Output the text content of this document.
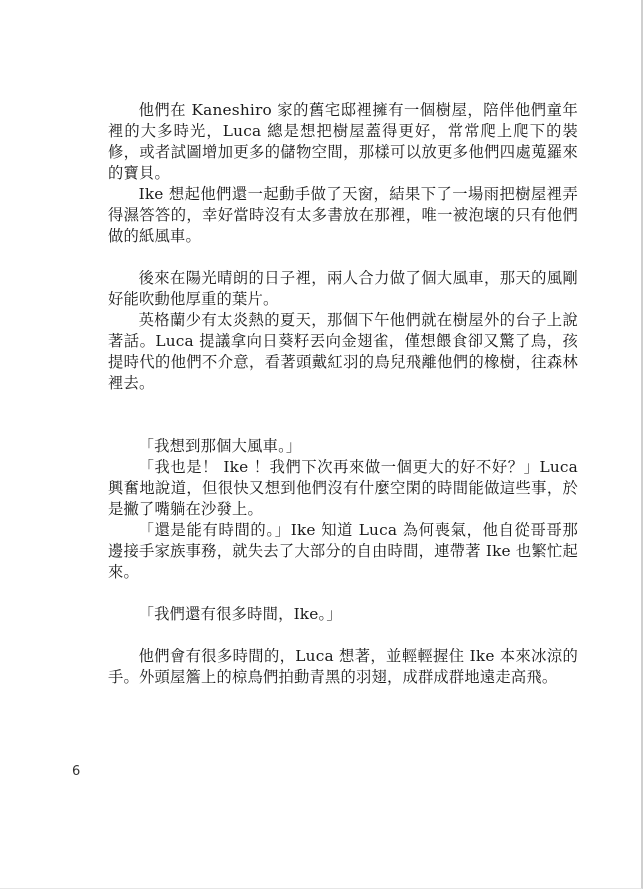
他們在 Kaneshiro 家的舊宅邸裡擁有一個樹屋，陪伴他們童年裡的大多時光，Luca 總是想把樹屋蓋得更好，常常爬上爬下的裝修，或者試圖增加更多的儲物空間，那樣可以放更多他們四處蒐羅來的寶貝。

Ike 想起他們還一起動手做了天窗，結果下了一場雨把樹屋裡弄得濕答答的，幸好當時沒有太多書放在那裡，唯一被泡壞的只有他們做的紙風車。

後來在陽光晴朗的日子裡，兩人合力做了個大風車，那天的風剛好能吹動他厚重的葉片。

英格蘭少有太炎熱的夏天，那個下午他們就在樹屋外的台子上說著話。Luca 提議拿向日葵籽丟向金翅雀，僅想餵食卻又驚了鳥，孩提時代的他們不介意，看著頭戴紅羽的鳥兒飛離他們的橡樹，往森林裡去。

「我想到那個大風車。」

「我也是！ Ike ！我們下次再來做一個更大的好不好？」Luca 興奮地說道，但很快又想到他們沒有什麼空閑的時間能做這些事，於是撇了嘴躺在沙發上。

「還是能有時間的。」Ike 知道 Luca 為何喪氣，他自從哥哥那邊接手家族事務，就失去了大部分的自由時間，連帶著 Ike 也繁忙起來。

「我們還有很多時間，Ike。」

他們會有很多時間的，Luca 想著，並輕輕握住 Ike 本來冰涼的手。外頭屋簷上的椋鳥們拍動青黑的羽翅，成群成群地遠走高飛。

6
